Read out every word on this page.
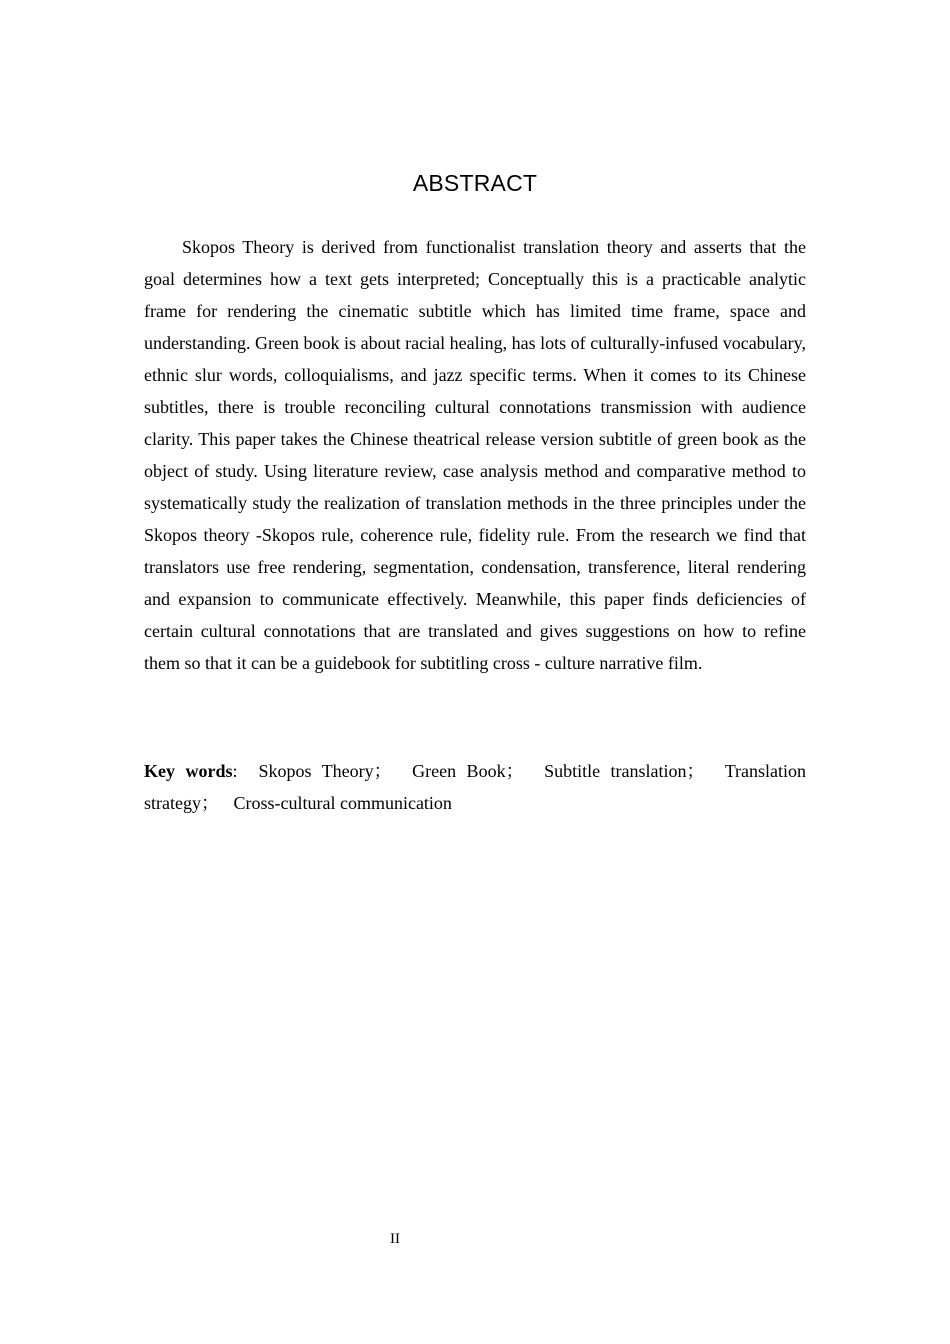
ABSTRACT

Skopos Theory is derived from functionalist translation theory and asserts that the goal determines how a text gets interpreted; Conceptually this is a practicable analytic frame for rendering the cinematic subtitle which has limited time frame, space and understanding. Green book is about racial healing, has lots of culturally-infused vocabulary, ethnic slur words, colloquialisms, and jazz specific terms. When it comes to its Chinese subtitles, there is trouble reconciling cultural connotations transmission with audience clarity. This paper takes the Chinese theatrical release version subtitle of green book as the object of study. Using literature review, case analysis method and comparative method to systematically study the realization of translation methods in the three principles under the Skopos theory -Skopos rule, coherence rule, fidelity rule. From the research we find that translators use free rendering, segmentation, condensation, transference, literal rendering and expansion to communicate effectively. Meanwhile, this paper finds deficiencies of certain cultural connotations that are translated and gives suggestions on how to refine them so that it can be a guidebook for subtitling cross - culture narrative film.

Key words: Skopos Theory； Green Book； Subtitle translation； Translation strategy； Cross-cultural communication

II
